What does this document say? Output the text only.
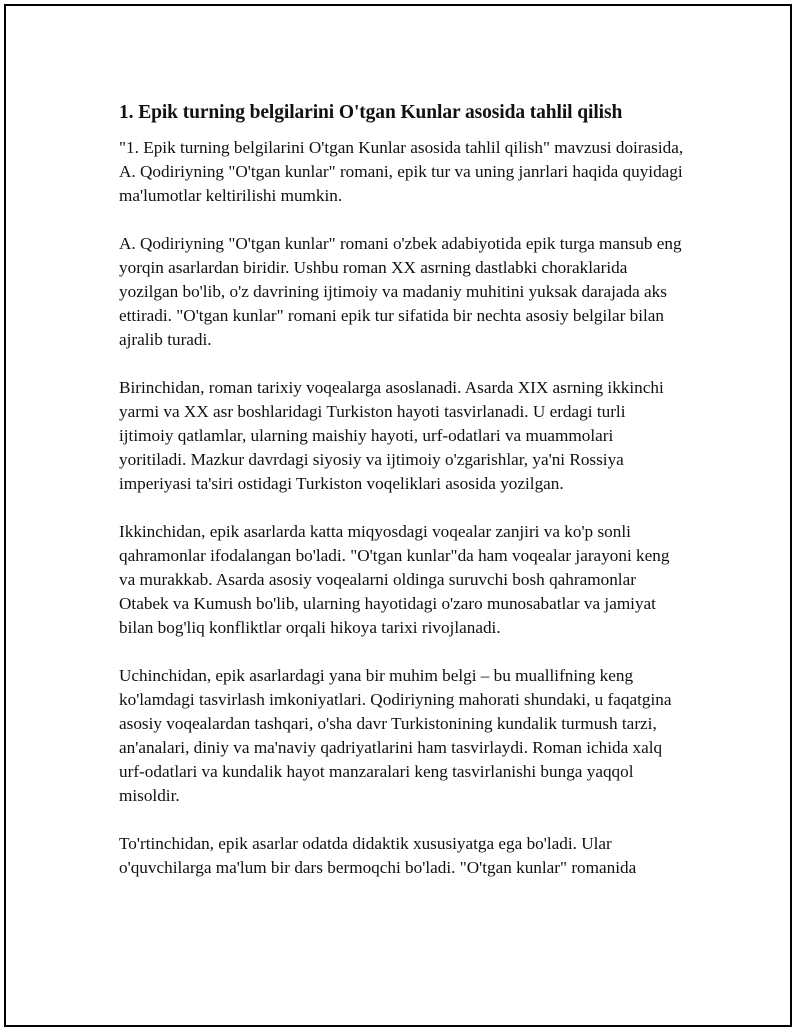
1. Epik turning belgilarini O'tgan Kunlar asosida tahlil qilish

"1. Epik turning belgilarini O'tgan Kunlar asosida tahlil qilish" mavzusi doirasida, A. Qodiriyning "O'tgan kunlar" romani, epik tur va uning janrlari haqida quyidagi ma'lumotlar keltirilishi mumkin.

A. Qodiriyning "O'tgan kunlar" romani o'zbek adabiyotida epik turga mansub eng yorqin asarlardan biridir. Ushbu roman XX asrning dastlabki choraklarida yozilgan bo'lib, o'z davrining ijtimoiy va madaniy muhitini yuksak darajada aks ettiradi. "O'tgan kunlar" romani epik tur sifatida bir nechta asosiy belgilar bilan ajralib turadi.

Birinchidan, roman tarixiy voqealarga asoslanadi. Asarda XIX asrning ikkinchi yarmi va XX asr boshlaridagi Turkiston hayoti tasvirlanadi. U erdagi turli ijtimoiy qatlamlar, ularning maishiy hayoti, urf-odatlari va muammolari yoritiladi. Mazkur davrdagi siyosiy va ijtimoiy o'zgarishlar, ya'ni Rossiya imperiyasi ta'siri ostidagi Turkiston voqeliklari asosida yozilgan.

Ikkinchidan, epik asarlarda katta miqyosdagi voqealar zanjiri va ko'p sonli qahramonlar ifodalangan bo'ladi. "O'tgan kunlar"da ham voqealar jarayoni keng va murakkab. Asarda asosiy voqealarni oldinga suruvchi bosh qahramonlar Otabek va Kumush bo'lib, ularning hayotidagi o'zaro munosabatlar va jamiyat bilan bog'liq konfliktlar orqali hikoya tarixi rivojlanadi.

Uchinchidan, epik asarlardagi yana bir muhim belgi – bu muallifning keng ko'lamdagi tasvirlash imkoniyatlari. Qodiriyning mahorati shundaki, u faqatgina asosiy voqealardan tashqari, o'sha davr Turkistonining kundalik turmush tarzi, an'analari, diniy va ma'naviy qadriyatlarini ham tasvirlaydi. Roman ichida xalq urf-odatlari va kundalik hayot manzaralari keng tasvirlanishi bunga yaqqol misoldir.

To'rtinchidan, epik asarlar odatda didaktik xususiyatga ega bo'ladi. Ular o'quvchilarga ma'lum bir dars bermoqchi bo'ladi. "O'tgan kunlar" romanida
